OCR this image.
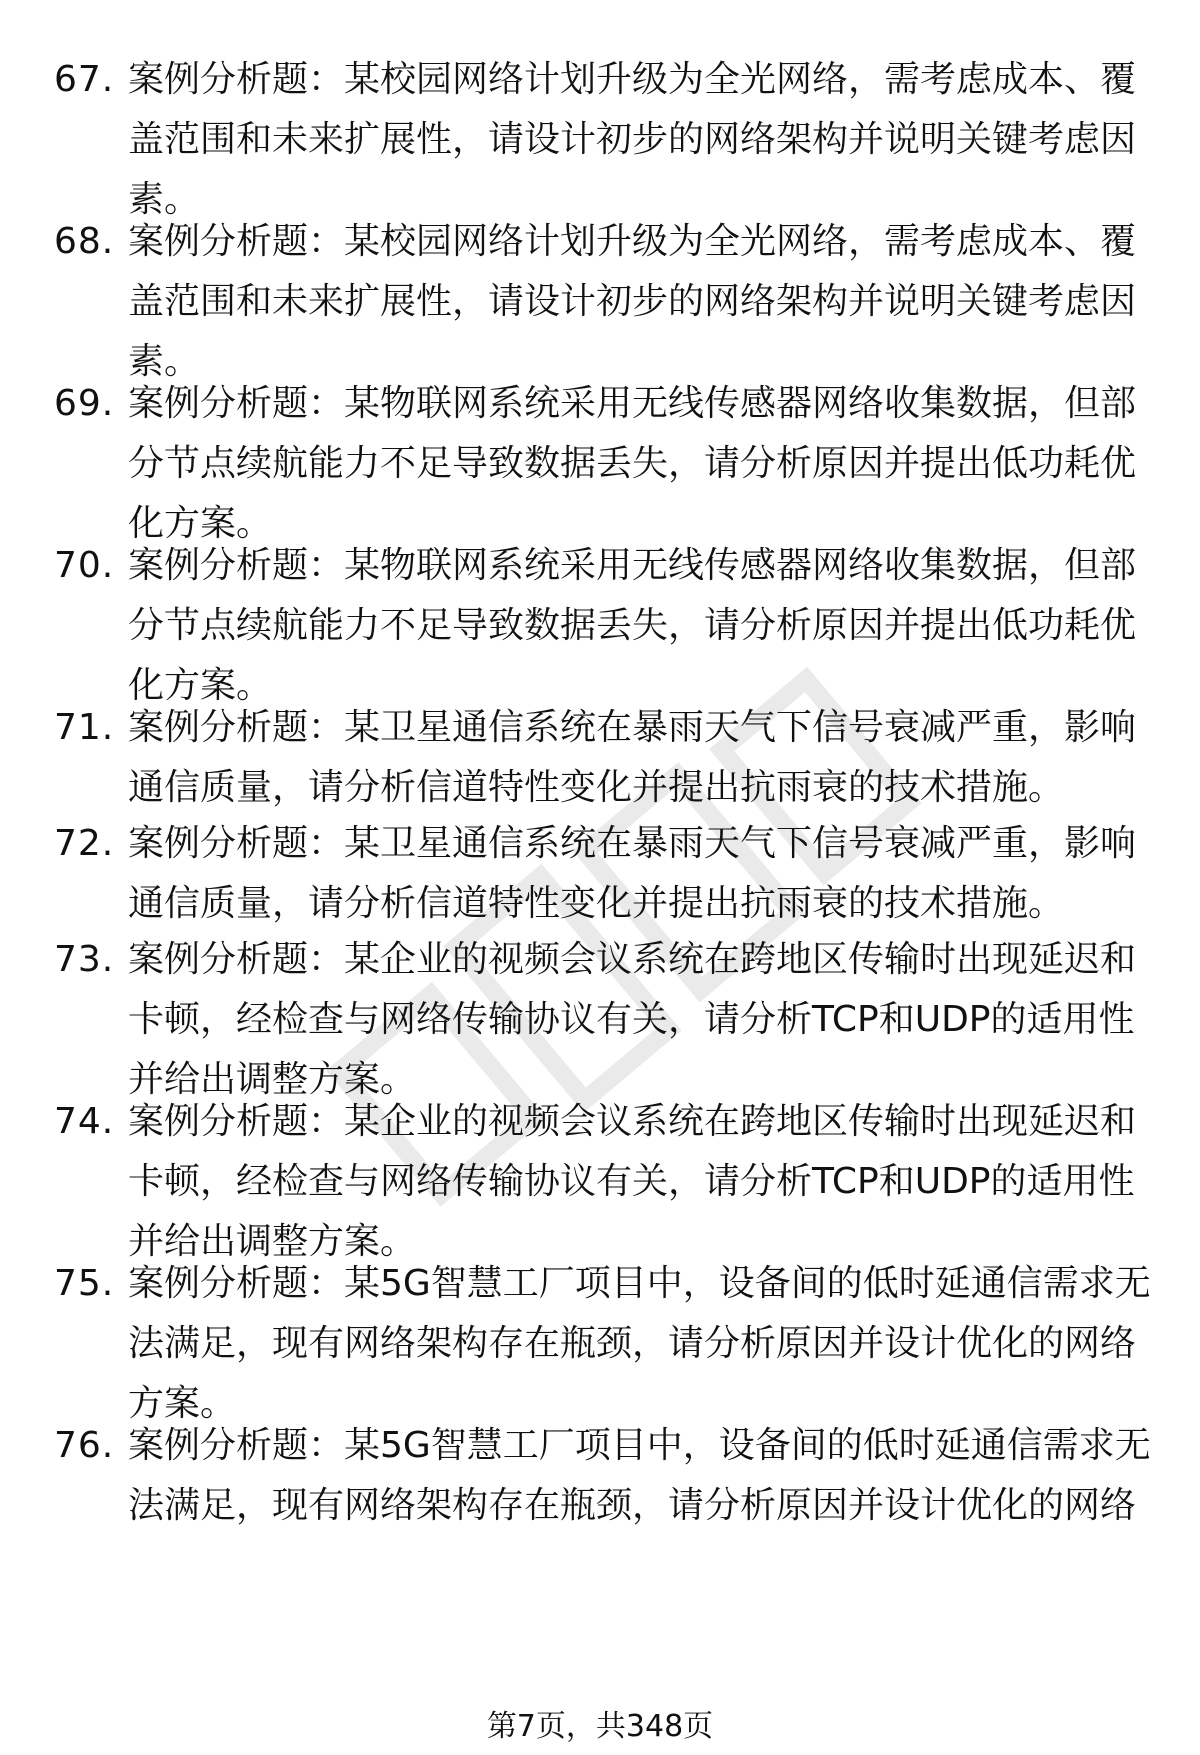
67. 案例分析题：某校园网络计划升级为全光网络，需考虑成本、覆
盖范围和未来扩展性，请设计初步的网络架构并说明关键考虑因
素。
68. 案例分析题：某校园网络计划升级为全光网络，需考虑成本、覆
盖范围和未来扩展性，请设计初步的网络架构并说明关键考虑因
素。
69. 案例分析题：某物联网系统采用无线传感器网络收集数据，但部
分节点续航能力不足导致数据丢失，请分析原因并提出低功耗优
化方案。
70. 案例分析题：某物联网系统采用无线传感器网络收集数据，但部
分节点续航能力不足导致数据丢失，请分析原因并提出低功耗优
化方案。
71. 案例分析题：某卫星通信系统在暴雨天气下信号衰减严重，影响
通信质量，请分析信道特性变化并提出抗雨衰的技术措施。
72. 案例分析题：某卫星通信系统在暴雨天气下信号衰减严重，影响
通信质量，请分析信道特性变化并提出抗雨衰的技术措施。
73. 案例分析题：某企业的视频会议系统在跨地区传输时出现延迟和
卡顿，经检查与网络传输协议有关，请分析TCP和UDP的适用性
并给出调整方案。
74. 案例分析题：某企业的视频会议系统在跨地区传输时出现延迟和
卡顿，经检查与网络传输协议有关，请分析TCP和UDP的适用性
并给出调整方案。
75. 案例分析题：某5G智慧工厂项目中，设备间的低时延通信需求无
法满足，现有网络架构存在瓶颈，请分析原因并设计优化的网络
方案。
76. 案例分析题：某5G智慧工厂项目中，设备间的低时延通信需求无
法满足，现有网络架构存在瓶颈，请分析原因并设计优化的网络
第7页，共348页
